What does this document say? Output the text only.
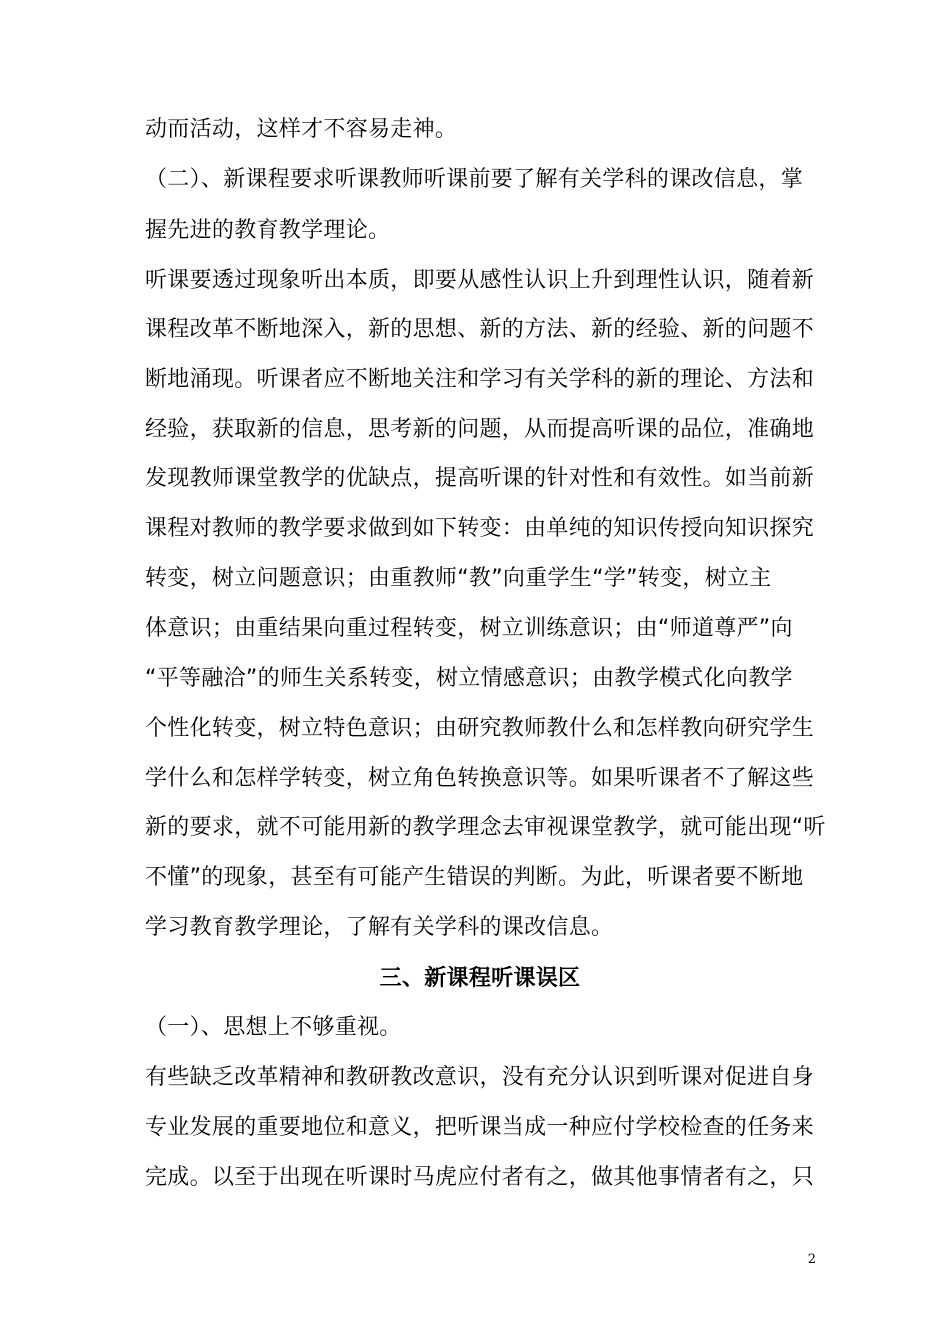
动而活动，这样才不容易走神。
（二）、新课程要求听课教师听课前要了解有关学科的课改信息，掌
握先进的教育教学理论。
听课要透过现象听出本质，即要从感性认识上升到理性认识，随着新
课程改革不断地深入，新的思想、新的方法、新的经验、新的问题不
断地涌现。听课者应不断地关注和学习有关学科的新的理论、方法和
经验，获取新的信息，思考新的问题，从而提高听课的品位，准确地
发现教师课堂教学的优缺点，提高听课的针对性和有效性。如当前新
课程对教师的教学要求做到如下转变：由单纯的知识传授向知识探究
转变，树立问题意识；由重教师“教”向重学生“学”转变，树立主
体意识；由重结果向重过程转变，树立训练意识；由“师道尊严”向
“平等融洽”的师生关系转变，树立情感意识；由教学模式化向教学
个性化转变，树立特色意识；由研究教师教什么和怎样教向研究学生
学什么和怎样学转变，树立角色转换意识等。如果听课者不了解这些
新的要求，就不可能用新的教学理念去审视课堂教学，就可能出现“听
不懂”的现象，甚至有可能产生错误的判断。为此，听课者要不断地
学习教育教学理论，了解有关学科的课改信息。
三、新课程听课误区
（一）、思想上不够重视。
有些缺乏改革精神和教研教改意识，没有充分认识到听课对促进自身
专业发展的重要地位和意义，把听课当成一种应付学校检查的任务来
完成。以至于出现在听课时马虎应付者有之，做其他事情者有之，只
2
